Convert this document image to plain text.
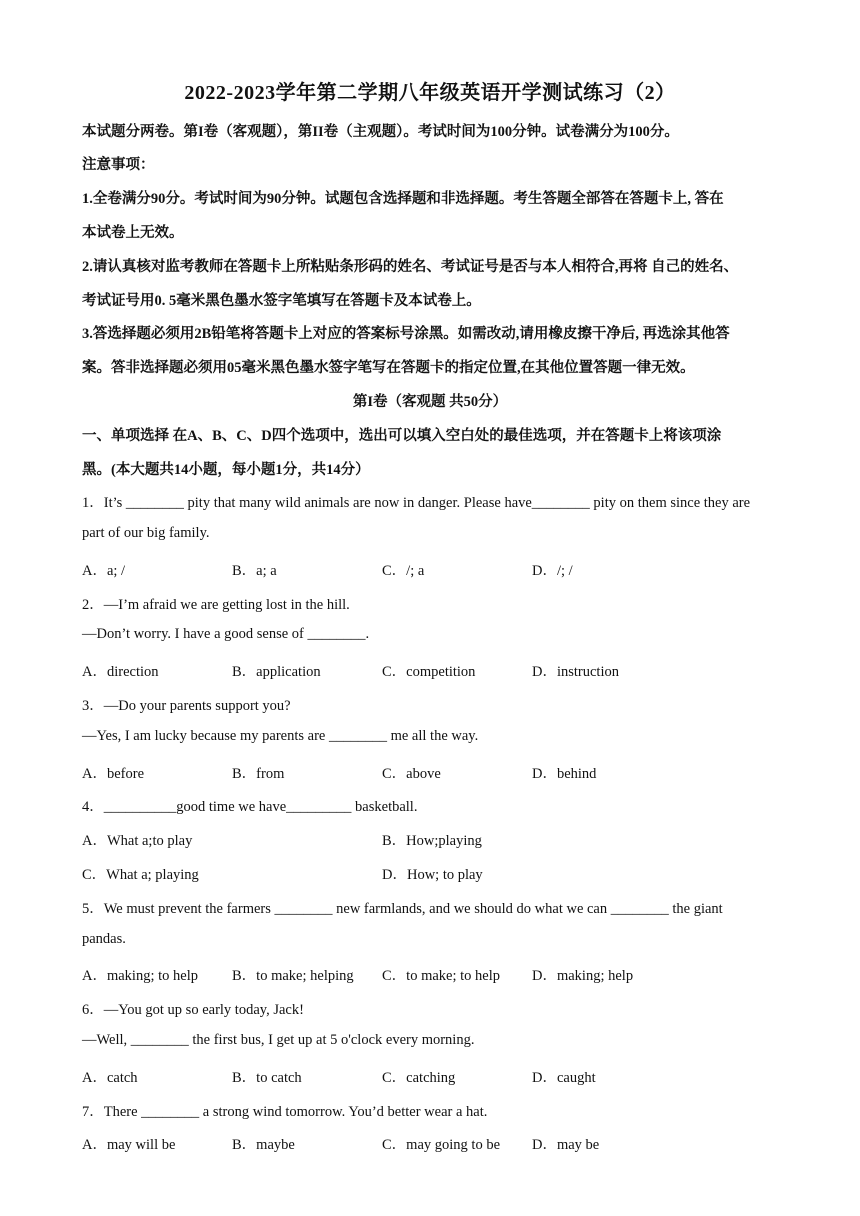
2022-2023学年第二学期八年级英语开学测试练习（2）
本试题分两卷。第I卷（客观题），第II卷（主观题）。考试时间为100分钟。试卷满分为100分。
注意事项：
1.全卷满分90分。考试时间为90分钟。试题包含选择题和非选择题。考生答题全部答在答题卡上, 答在
本试卷上无效。
2.请认真核对监考教师在答题卡上所粘贴条形码的姓名、考试证号是否与本人相符合,再将 自己的姓名、
考试证号用0. 5毫米黑色墨水签字笔填写在答题卡及本试卷上。
3.答选择题必须用2B铅笔将答题卡上对应的答案标号涂黑。如需改动,请用橡皮擦干净后, 再选涂其他答
案。答非选择题必须用05毫米黑色墨水签字笔写在答题卡的指定位置,在其他位置答题一律无效。
第I卷（客观题 共50分）
一、单项选择 在A、B、C、D四个选项中，选出可以填入空白处的最佳选项，并在答题卡上将该项涂
黑。(本大题共14小题，每小题1分，共14分）
1．It’s ________ pity that many wild animals are now in danger. Please have________ pity on them since they are
part of our big family.
A．a; /	B．a; a	C．/; a	D．/; /
2．—I’m afraid we are getting lost in the hill.
—Don’t worry. I have a good sense of ________.
A．direction	B．application	C．competition	D．instruction
3．—Do your parents support you?
—Yes, I am lucky because my parents are ________ me all the way.
A．before	B．from	C．above	D．behind
4．__________good time we have_________ basketball.
A．What a;to play	B．How;playing
C．What a; playing	D．How; to play
5．We must prevent the farmers ________ new farmlands, and we should do what we can ________ the giant
pandas.
A．making; to help B．to make; helping C．to make; to help D．making; help
6．—You got up so early today, Jack!
—Well, ________ the first bus, I get up at 5 o'clock every morning.
A．catch	B．to catch	C．catching	D．caught
7．There ________ a strong wind tomorrow. You’d better wear a hat.
A．may will be	B．maybe	C．may going to be D．may be
